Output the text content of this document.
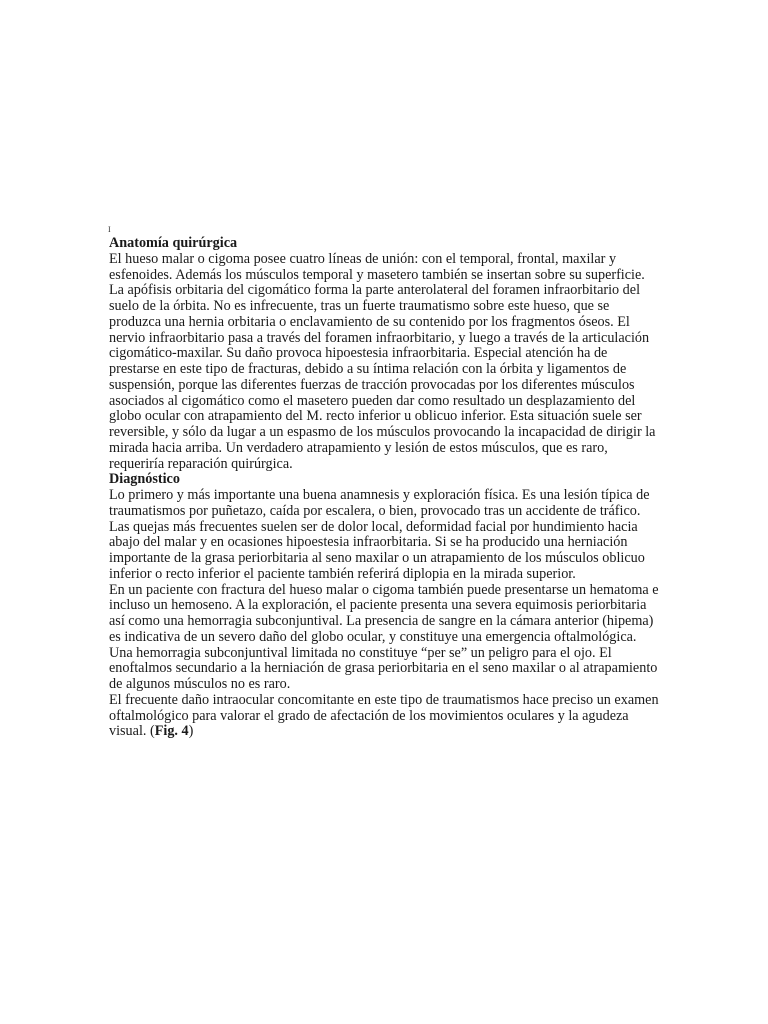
I

Anatomía quirúrgica

El hueso malar o cigoma posee cuatro líneas de unión: con el temporal, frontal, maxilar y esfenoides. Además los músculos temporal y masetero también se insertan sobre su superficie. La apófisis orbitaria del cigomático forma la parte anterolateral del foramen infraorbitario del suelo de la órbita. No es infrecuente, tras un fuerte traumatismo sobre este hueso, que se produzca una hernia orbitaria o enclavamiento de su contenido por los fragmentos óseos. El nervio infraorbitario pasa a través del foramen infraorbitario, y luego a través de la articulación cigomático-maxilar. Su daño provoca hipoestesia infraorbitaria. Especial atención ha de prestarse en este tipo de fracturas, debido a su íntima relación con la órbita y ligamentos de suspensión, porque las diferentes fuerzas de tracción provocadas por los diferentes músculos asociados al cigomático como el masetero pueden dar como resultado un desplazamiento del globo ocular con atrapamiento del M. recto inferior u oblicuo inferior. Esta situación suele ser reversible, y sólo da lugar a un espasmo de los músculos provocando la incapacidad de dirigir la mirada hacia arriba. Un verdadero atrapamiento y lesión de estos músculos, que es raro, requeriría reparación quirúrgica.

Diagnóstico

Lo primero y más importante una buena anamnesis y exploración física. Es una lesión típica de traumatismos por puñetazo, caída por escalera, o bien, provocado tras un accidente de tráfico. Las quejas más frecuentes suelen ser de dolor local, deformidad facial por hundimiento hacia abajo del malar y en ocasiones hipoestesia infraorbitaria. Si se ha producido una herniación importante de la grasa periorbitaria al seno maxilar o un atrapamiento de los músculos oblicuo inferior o recto inferior el paciente también referirá diplopia en la mirada superior.

En un paciente con fractura del hueso malar o cigoma también puede presentarse un hematoma e incluso un hemoseno. A la exploración, el paciente presenta una severa equimosis periorbitaria así como una hemorragia subconjuntival. La presencia de sangre en la cámara anterior (hipema) es indicativa de un severo daño del globo ocular, y constituye una emergencia oftalmológica. Una hemorragia subconjuntival limitada no constituye “per se” un peligro para el ojo. El enoftalmos secundario a la herniación de grasa periorbitaria en el seno maxilar o al atrapamiento de algunos músculos no es raro.

El frecuente daño intraocular concomitante en este tipo de traumatismos hace preciso un examen oftalmológico para valorar el grado de afectación de los movimientos oculares y la agudeza visual. (Fig. 4)
